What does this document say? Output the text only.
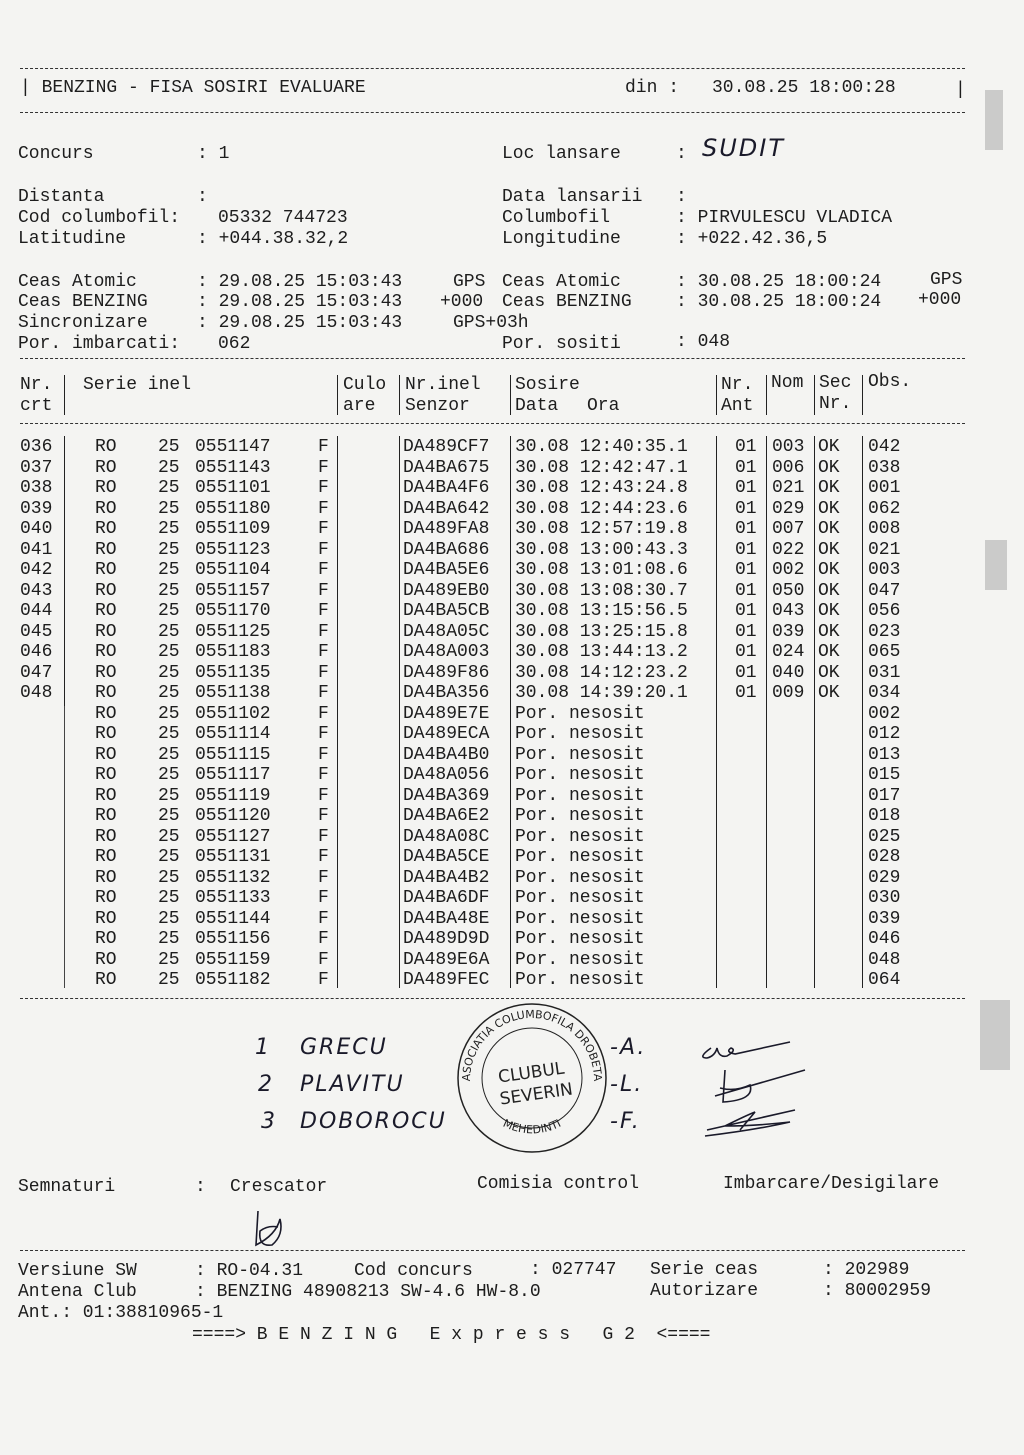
| BENZING - FISA SOSIRI EVALUARE	din : 30.08.25 18:00:28	|
Concurs	: 1	Loc lansare	: SUDIT
Distanta	:	Data lansarii :
Cod columbofil: 05332 744723	Columbofil	: PIRVULESCU VLADICA
Latitudine	: +044.38.32,2	Longitudine	: +022.42.36,5
Ceas Atomic	: 29.08.25 15:03:43	GPS Ceas Atomic	: 30.08.25 18:00:24	GPS
Ceas BENZING	: 29.08.25 15:03:43 +000 Ceas BENZING : 30.08.25 18:00:24 +000
Sincronizare	: 29.08.25 15:03:43	GPS+03h
Por. imbarcati: 062	Por. sositi	: 048
Nr.
crt
Serie inel	Culo
are
Nr.inel
Senzor
Sosire
Data Ora
Nr.
Ant
Nom Sec
Nr.
Obs.
036 RO 25 0551147	F	DA489CF7 30.08 12:40:35.1	01 003 OK 042
037 RO 25 0551143	F	DA4BA675 30.08 12:42:47.1	01 006 OK 038
038 RO 25 0551101	F	DA4BA4F6 30.08 12:43:24.8	01 021 OK 001
039 RO 25 0551180	F	DA4BA642 30.08 12:44:23.6	01 029 OK 062
040 RO 25 0551109	F	DA489FA8 30.08 12:57:19.8	01 007 OK 008
041 RO 25 0551123	F	DA4BA686 30.08 13:00:43.3	01 022 OK 021
042 RO 25 0551104	F	DA4BA5E6 30.08 13:01:08.6	01 002 OK 003
043 RO 25 0551157	F	DA489EB0 30.08 13:08:30.7	01 050 OK 047
044 RO 25 0551170	F	DA4BA5CB 30.08 13:15:56.5	01 043 OK 056
045 RO 25 0551125	F	DA48A05C 30.08 13:25:15.8	01 039 OK 023
046 RO 25 0551183	F	DA48A003 30.08 13:44:13.2	01 024 OK 065
047 RO 25 0551135	F	DA489F86 30.08 14:12:23.2	01 040 OK 031
048 RO 25 0551138	F	DA4BA356 30.08 14:39:20.1	01 009 OK 034
RO 25 0551102	F	DA489E7E Por. nesosit	002
RO 25 0551114	F	DA489ECA Por. nesosit	012
RO 25 0551115	F	DA4BA4B0 Por. nesosit	013
RO 25 0551117	F	DA48A056 Por. nesosit	015
RO 25 0551119	F	DA4BA369 Por. nesosit	017
RO 25 0551120	F	DA4BA6E2 Por. nesosit	018
RO 25 0551127	F	DA48A08C Por. nesosit	025
RO 25 0551131	F	DA4BA5CE Por. nesosit	028
RO 25 0551132	F	DA4BA4B2 Por. nesosit	029
RO 25 0551133	F	DA4BA6DF Por. nesosit	030
RO 25 0551144	F	DA4BA48E Por. nesosit	039
RO 25 0551156	F	DA489D9D Por. nesosit	046
RO 25 0551159	F	DA489E6A Por. nesosit	048
RO 25 0551182	F	DA489FEC Por. nesosit	064
1 GRECU	-A.
2 PLAVITU	-L.
3 DOBOROCU	-F.
ASOCIATIA COLUMBOFILA DROBETA
MEHEDINTI
CLUBUL
SEVERIN
Semnaturi	: Crescator	Comisia control	Imbarcare/Desigilare
Versiune SW	: RO-04.31	Cod concurs	: 027747 Serie ceas	: 202989
Antena Club	: BENZING 48908213 SW-4.6 HW-8.0	Autorizare	: 80002959
Ant.: 01:38810965-1
====> B E N Z I N G   E x p r e s s   G 2  <====
